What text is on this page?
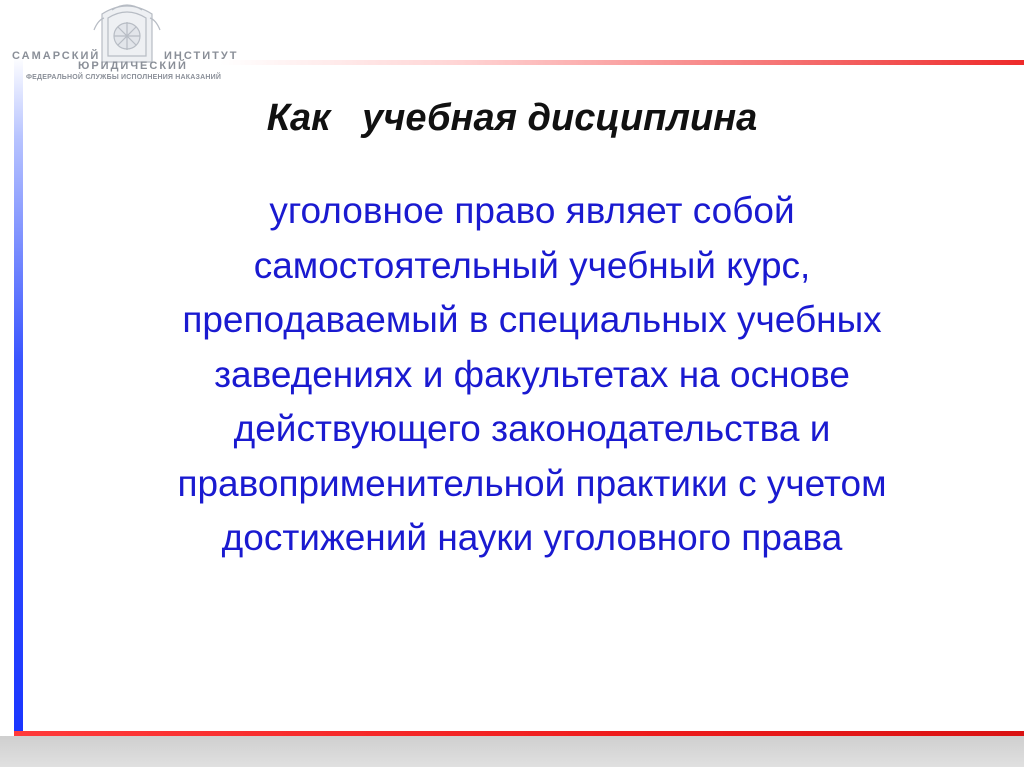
САМАРСКИЙ	ИНСТИТУТ
ЮРИДИЧЕСКИЙ
ФЕДЕРАЛЬНОЙ СЛУЖБЫ ИСПОЛНЕНИЯ НАКАЗАНИЙ
Как   учебная дисциплина
уголовное право являет собой
самостоятельный учебный курс,
преподаваемый в специальных учебных
заведениях и факультетах на основе
действующего законодательства и
правоприменительной практики с учетом
достижений науки уголовного права
